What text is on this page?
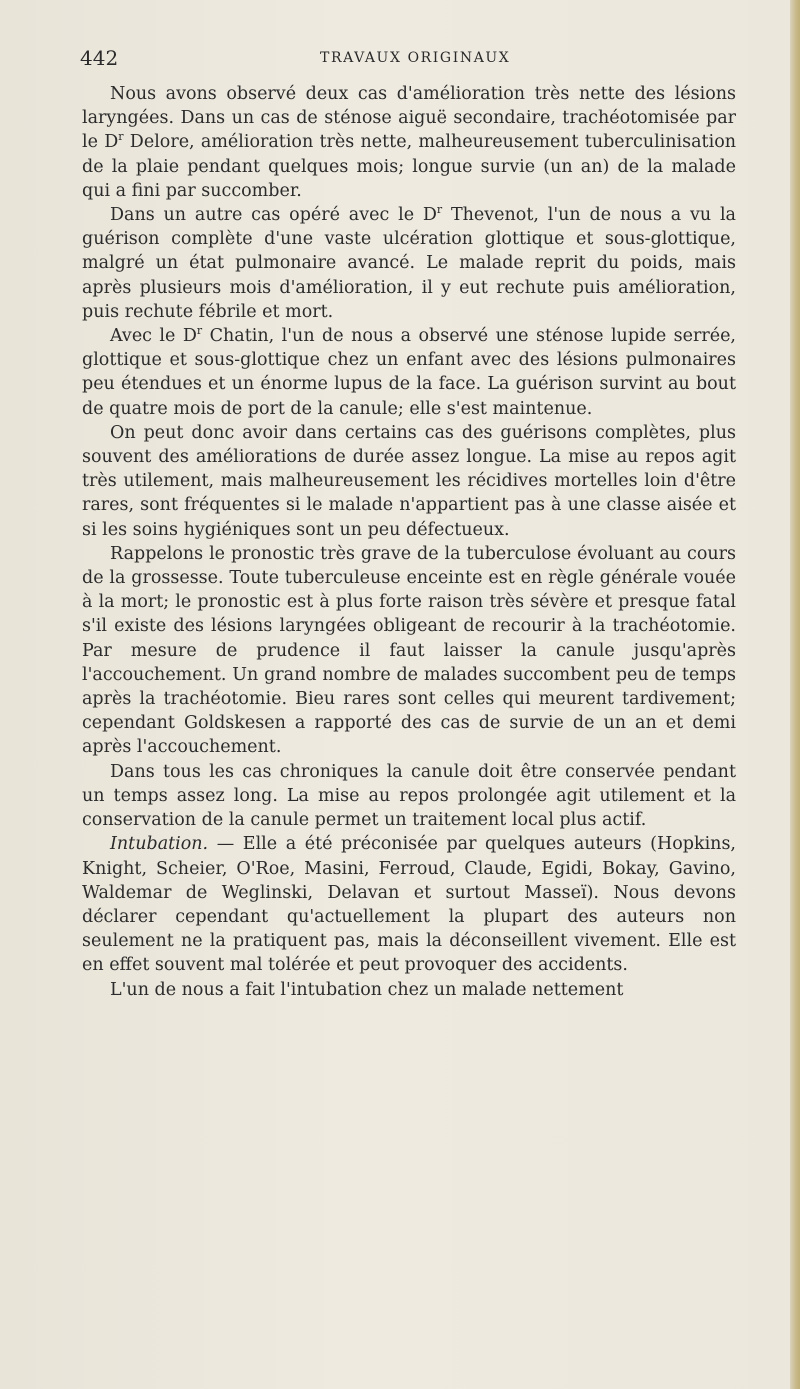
442	TRAVAUX ORIGINAUX

Nous avons observé deux cas d'amélioration très nette des lésions laryngées. Dans un cas de sténose aiguë secondaire, trachéotomisée par le $D^r$ Delore, amélioration très nette, malheureusement tuberculinisation de la plaie pendant quelques mois; longue survie (un an) de la malade qui a fini par succomber.

Dans un autre cas opéré avec le $D^r$ Thevenot, l'un de nous a vu la guérison complète d'une vaste ulcération glottique et sous-glottique, malgré un état pulmonaire avancé. Le malade reprit du poids, mais après plusieurs mois d'amélioration, il y eut rechute puis amélioration, puis rechute fébrile et mort.

Avec le $D^r$ Chatin, l'un de nous a observé une sténose lupide serrée, glottique et sous-glottique chez un enfant avec des lésions pulmonaires peu étendues et un énorme lupus de la face. La guérison survint au bout de quatre mois de port de la canule; elle s'est maintenue.

On peut donc avoir dans certains cas des guérisons complètes, plus souvent des améliorations de durée assez longue. La mise au repos agit très utilement, mais malheureusement les récidives mortelles loin d'être rares, sont fréquentes si le malade n'appartient pas à une classe aisée et si les soins hygiéniques sont un peu défectueux.

Rappelons le pronostic très grave de la tuberculose évoluant au cours de la grossesse. Toute tuberculeuse enceinte est en règle générale vouée à la mort; le pronostic est à plus forte raison très sévère et presque fatal s'il existe des lésions laryngées obligeant de recourir à la trachéotomie. Par mesure de prudence il faut laisser la canule jusqu'après l'accouchement. Un grand nombre de malades succombent peu de temps après la trachéotomie. Bieu rares sont celles qui meurent tardivement; cependant Goldskesen a rapporté des cas de survie de un an et demi après l'accouchement.

Dans tous les cas chroniques la canule doit être conservée pendant un temps assez long. La mise au repos prolongée agit utilement et la conservation de la canule permet un traitement local plus actif.

Intubation. — Elle a été préconisée par quelques auteurs (Hopkins, Knight, Scheier, O'Roe, Masini, Ferroud, Claude, Egidi, Bokay, Gavino, Waldemar de Weglinski, Delavan et surtout Masseï). Nous devons déclarer cependant qu'actuellement la plupart des auteurs non seulement ne la pratiquent pas, mais la déconseillent vivement. Elle est en effet souvent mal tolérée et peut provoquer des accidents.

L'un de nous a fait l'intubation chez un malade nettement
